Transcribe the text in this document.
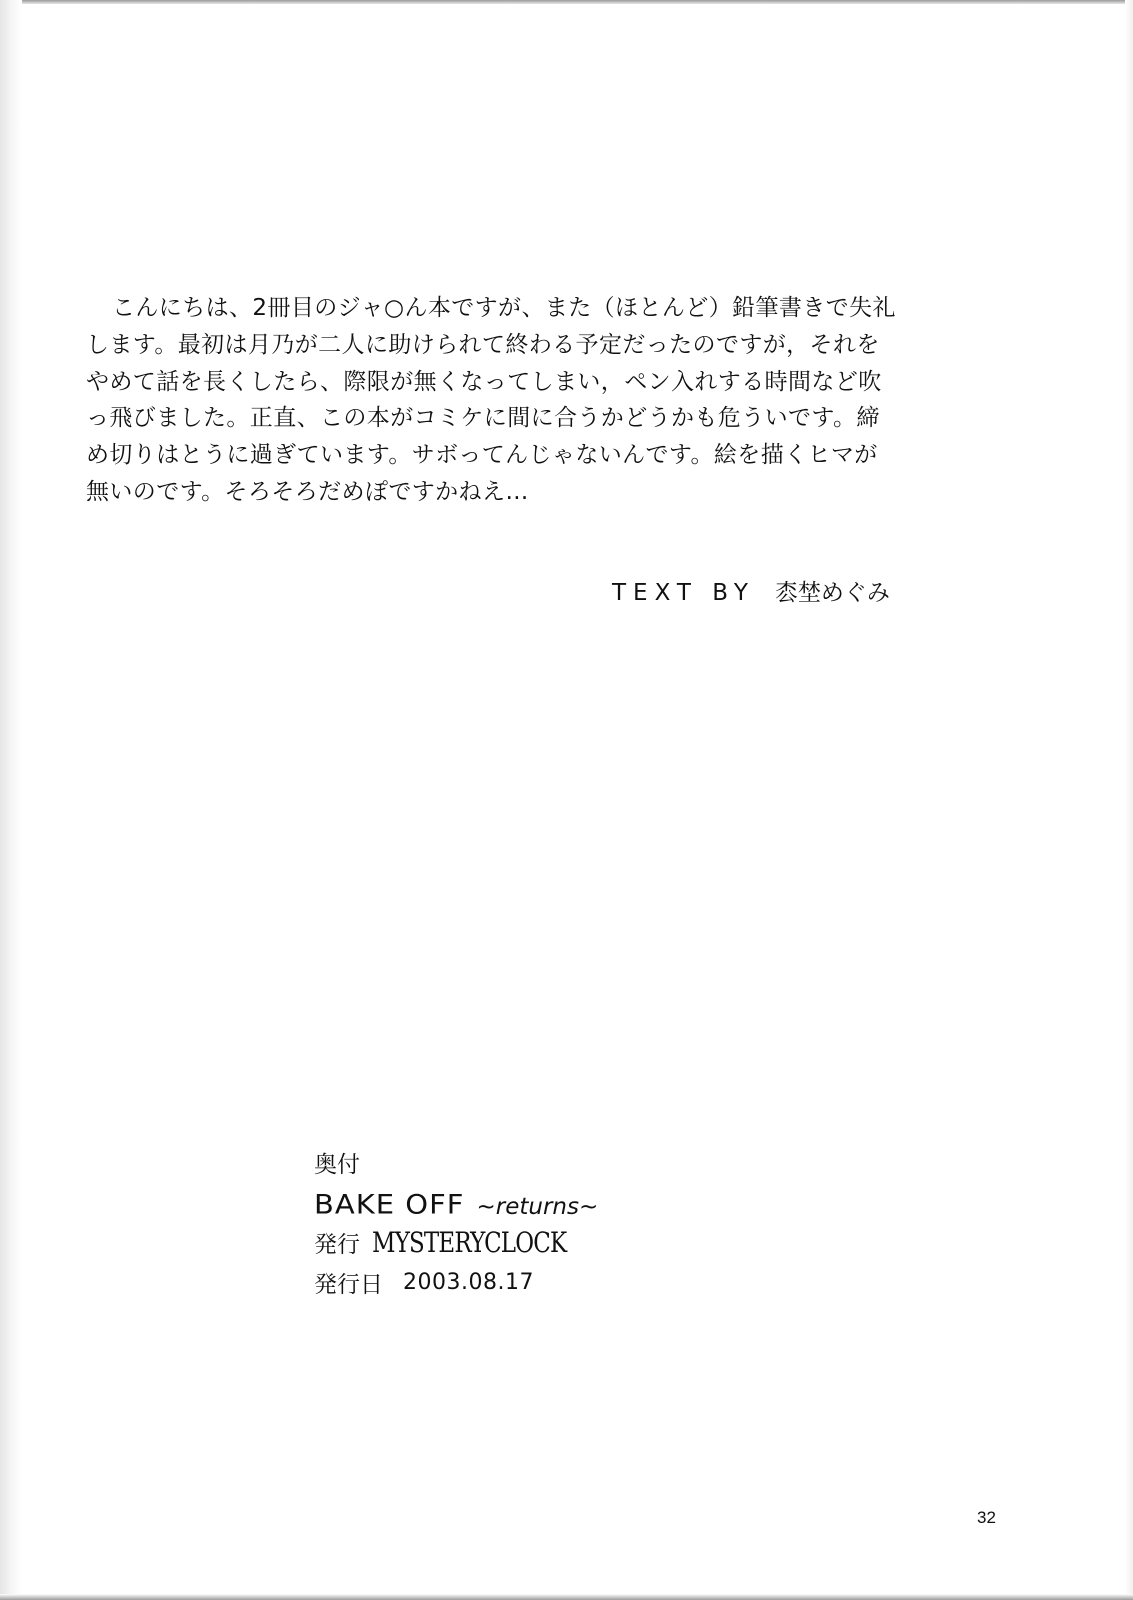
こんにちは、2冊目のジャ○ん本ですが、また（ほとんど）鉛筆書きで失礼
します。最初は月乃が二人に助けられて終わる予定だったのですが，それを
やめて話を長くしたら、際限が無くなってしまい，ペン入れする時間など吹
っ飛びました。正直、この本がコミケに間に合うかどうかも危ういです。締
め切りはとうに過ぎています。サボってんじゃないんです。絵を描くヒマが
無いのです。そろそろだめぽですかねえ…
TEXT BY 枩埜めぐみ
奥付
BAKE OFF ~returns~
発行 MYSTERYCLOCK
発行日 2003.08.17
32
